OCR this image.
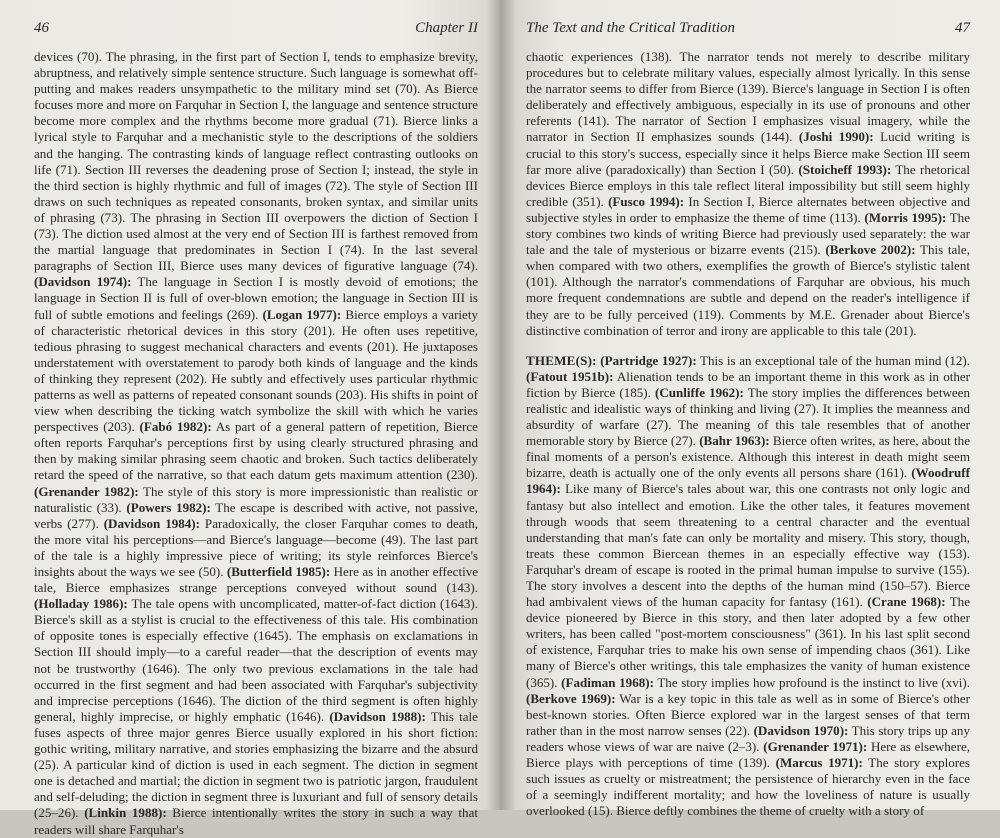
46	Chapter II

devices (70). The phrasing, in the first part of Section I, tends to emphasize brevity, abruptness, and relatively simple sentence structure. Such language is somewhat off-putting and makes readers unsympathetic to the military mind set (70). As Bierce focuses more and more on Farquhar in Section I, the language and sentence structure become more complex and the rhythms become more gradual (71). Bierce links a lyrical style to Farquhar and a mechanistic style to the descriptions of the soldiers and the hanging. The contrasting kinds of language reflect contrasting outlooks on life (71). Section III reverses the deadening prose of Section I; instead, the style in the third section is highly rhythmic and full of images (72). The style of Section III draws on such techniques as repeated consonants, broken syntax, and similar units of phrasing (73). The phrasing in Section III overpowers the diction of Section I (73). The diction used almost at the very end of Section III is farthest removed from the martial language that predominates in Section I (74). In the last several paragraphs of Section III, Bierce uses many devices of figurative language (74). (Davidson 1974): The language in Section I is mostly devoid of emotions; the language in Section II is full of over-blown emotion; the language in Section III is full of subtle emotions and feelings (269). (Logan 1977): Bierce employs a variety of characteristic rhetorical devices in this story (201). He often uses repetitive, tedious phrasing to suggest mechanical characters and events (201). He juxtaposes understatement with overstatement to parody both kinds of language and the kinds of thinking they represent (202). He subtly and effectively uses particular rhythmic patterns as well as patterns of repeated consonant sounds (203). His shifts in point of view when describing the ticking watch symbolize the skill with which he varies perspectives (203). (Fabó 1982): As part of a general pattern of repetition, Bierce often reports Farquhar's perceptions first by using clearly structured phrasing and then by making similar phrasing seem chaotic and broken. Such tactics deliberately retard the speed of the narrative, so that each datum gets maximum attention (230). (Grenander 1982): The style of this story is more impressionistic than realistic or naturalistic (33). (Powers 1982): The escape is described with active, not passive, verbs (277). (Davidson 1984): Paradoxically, the closer Farquhar comes to death, the more vital his perceptions—and Bierce's language—become (49). The last part of the tale is a highly impressive piece of writing; its style reinforces Bierce's insights about the ways we see (50). (Butterfield 1985): Here as in another effective tale, Bierce emphasizes strange perceptions conveyed without sound (143). (Holladay 1986): The tale opens with uncomplicated, matter-of-fact diction (1643). Bierce's skill as a stylist is crucial to the effectiveness of this tale. His combination of opposite tones is especially effective (1645). The emphasis on exclamations in Section III should imply—to a careful reader—that the description of events may not be trustworthy (1646). The only two previous exclamations in the tale had occurred in the first segment and had been associated with Farquhar's subjectivity and imprecise perceptions (1646). The diction of the third segment is often highly general, highly imprecise, or highly emphatic (1646). (Davidson 1988): This tale fuses aspects of three major genres Bierce usually explored in his short fiction: gothic writing, military narrative, and stories emphasizing the bizarre and the absurd (25). A particular kind of diction is used in each segment. The diction in segment one is detached and martial; the diction in segment two is patriotic jargon, fraudulent and self-deluding; the diction in segment three is luxuriant and full of sensory details (25–26). (Linkin 1988): Bierce intentionally writes the story in such a way that readers will share Farquhar's

The Text and the Critical Tradition	47

chaotic experiences (138). The narrator tends not merely to describe military procedures but to celebrate military values, especially almost lyrically. In this sense the narrator seems to differ from Bierce (139). Bierce's language in Section I is often deliberately and effectively ambiguous, especially in its use of pronouns and other referents (141). The narrator of Section I emphasizes visual imagery, while the narrator in Section II emphasizes sounds (144). (Joshi 1990): Lucid writing is crucial to this story's success, especially since it helps Bierce make Section III seem far more alive (paradoxically) than Section I (50). (Stoicheff 1993): The rhetorical devices Bierce employs in this tale reflect literal impossibility but still seem highly credible (351). (Fusco 1994): In Section I, Bierce alternates between objective and subjective styles in order to emphasize the theme of time (113). (Morris 1995): The story combines two kinds of writing Bierce had previously used separately: the war tale and the tale of mysterious or bizarre events (215). (Berkove 2002): This tale, when compared with two others, exemplifies the growth of Bierce's stylistic talent (101). Although the narrator's commendations of Farquhar are obvious, his much more frequent condemnations are subtle and depend on the reader's intelligence if they are to be fully perceived (119). Comments by M.E. Grenader about Bierce's distinctive combination of terror and irony are applicable to this tale (201).

THEME(S): (Partridge 1927): This is an exceptional tale of the human mind (12). (Fatout 1951b): Alienation tends to be an important theme in this work as in other fiction by Bierce (185). (Cunliffe 1962): The story implies the differences between realistic and idealistic ways of thinking and living (27). It implies the meanness and absurdity of warfare (27). The meaning of this tale resembles that of another memorable story by Bierce (27). (Bahr 1963): Bierce often writes, as here, about the final moments of a person's existence. Although this interest in death might seem bizarre, death is actually one of the only events all persons share (161). (Woodruff 1964): Like many of Bierce's tales about war, this one contrasts not only logic and fantasy but also intellect and emotion. Like the other tales, it features movement through woods that seem threatening to a central character and the eventual understanding that man's fate can only be mortality and misery. This story, though, treats these common Biercean themes in an especially effective way (153). Farquhar's dream of escape is rooted in the primal human impulse to survive (155). The story involves a descent into the depths of the human mind (150–57). Bierce had ambivalent views of the human capacity for fantasy (161). (Crane 1968): The device pioneered by Bierce in this story, and then later adopted by a few other writers, has been called "post-mortem consciousness" (361). In his last split second of existence, Farquhar tries to make his own sense of impending chaos (361). Like many of Bierce's other writings, this tale emphasizes the vanity of human existence (365). (Fadiman 1968): The story implies how profound is the instinct to live (xvi). (Berkove 1969): War is a key topic in this tale as well as in some of Bierce's other best-known stories. Often Bierce explored war in the largest senses of that term rather than in the most narrow senses (22). (Davidson 1970): This story trips up any readers whose views of war are naive (2–3). (Grenander 1971): Here as elsewhere, Bierce plays with perceptions of time (139). (Marcus 1971): The story explores such issues as cruelty or mistreatment; the persistence of hierarchy even in the face of a seemingly indifferent mortality; and how the loveliness of nature is usually overlooked (15). Bierce deftly combines the theme of cruelty with a story of
